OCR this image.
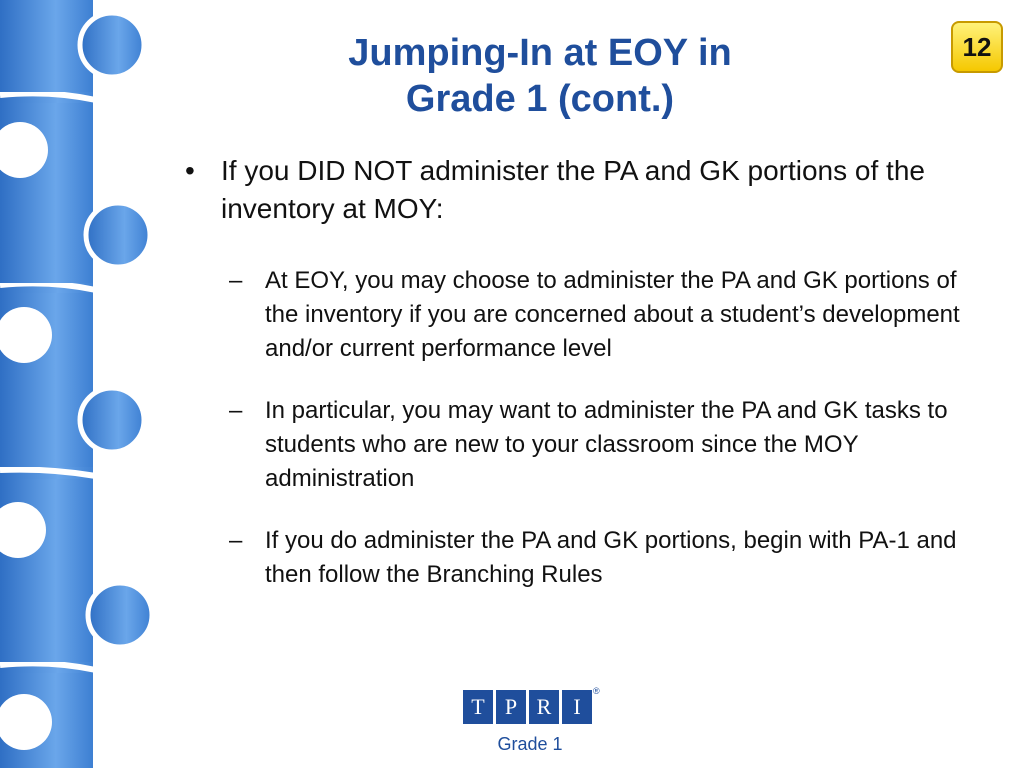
Jumping-In at EOY in
Grade 1 (cont.)
12

• If you DID NOT administer the PA and GK portions of the inventory at MOY:

– At EOY, you may choose to administer the PA and GK portions of the inventory if you are concerned about a student’s development and/or current performance level

– In particular, you may want to administer the PA and GK tasks to students who are new to your classroom since the MOY administration

– If you do administer the PA and GK portions, begin with PA-1 and then follow the Branching Rules

T P R I
®
Grade 1
